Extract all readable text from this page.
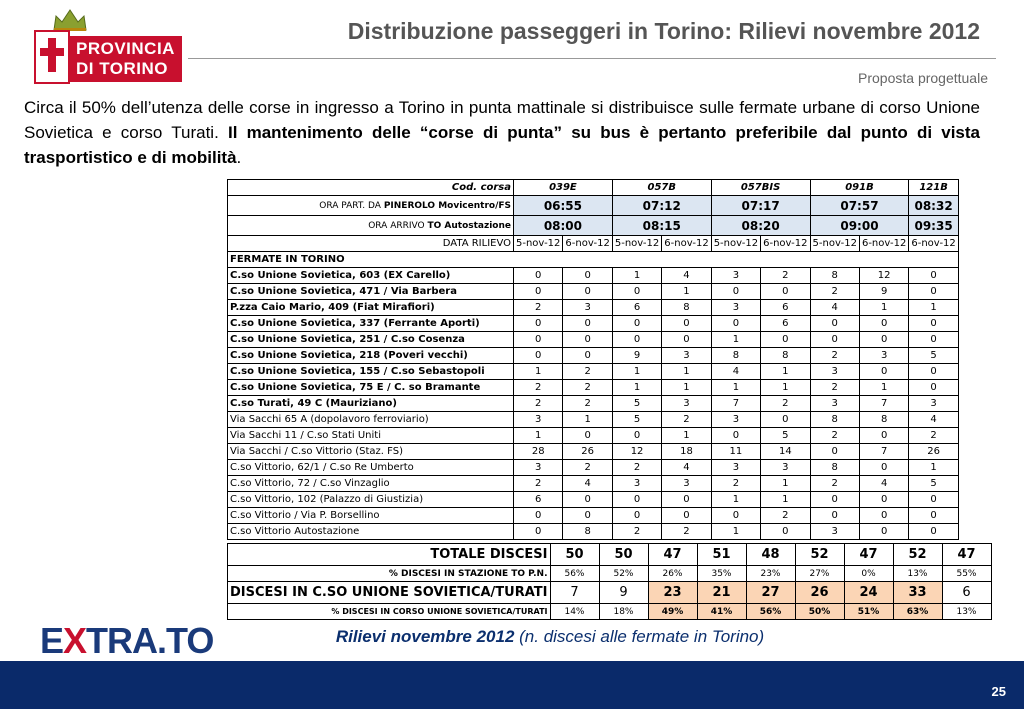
PROVINCIA DI TORINO
Distribuzione passeggeri in Torino: Rilievi novembre 2012
Proposta progettuale
Circa il 50% dell’utenza delle corse in ingresso a Torino in punta mattinale si distribuisce sulle fermate urbane di corso Unione Sovietica e corso Turati. Il mantenimento delle “corse di punta” su bus è pertanto preferibile dal punto di vista trasportistico e di mobilità.
Cod. corsa	039E		057B		057BIS		091B		121B
ORA PART. DA PINEROLO Movicentro/FS	06:55		07:12		07:17		07:57		08:32
ORA ARRIVO TO Autostazione	08:00		08:15		08:20		09:00		09:35
DATA RILIEVO	5-nov-12	6-nov-12	5-nov-12	6-nov-12	5-nov-12	6-nov-12	5-nov-12	6-nov-12	6-nov-12
FERMATE IN TORINO									
C.so Unione Sovietica, 603 (EX Carello)	0	0	1	4	3	2	8	12	0
C.so Unione Sovietica, 471 / Via Barbera	0	0	0	1	0	0	2	9	0
P.zza Caio Mario, 409 (Fiat Mirafiori)	2	3	6	8	3	6	4	1	1
C.so Unione Sovietica, 337 (Ferrante Aporti)	0	0	0	0	0	6	0	0	0
C.so Unione Sovietica, 251 / C.so Cosenza	0	0	0	0	1	0	0	0	0
C.so Unione Sovietica, 218 (Poveri vecchi)	0	0	9	3	8	8	2	3	5
C.so Unione Sovietica, 155 / C.so Sebastopoli	1	2	1	1	4	1	3	0	0
C.so Unione Sovietica, 75 E / C. so Bramante	2	2	1	1	1	1	2	1	0
C.so Turati, 49 C (Mauriziano)	2	2	5	3	7	2	3	7	3
Via Sacchi 65 A (dopolavoro ferroviario)	3	1	5	2	3	0	8	8	4
Via Sacchi 11 / C.so Stati Uniti	1	0	0	1	0	5	2	0	2
Via Sacchi / C.so Vittorio (Staz. FS)	28	26	12	18	11	14	0	7	26
C.so Vittorio, 62/1 / C.so Re Umberto	3	2	2	4	3	3	8	0	1
C.so Vittorio, 72 / C.so Vinzaglio	2	4	3	3	2	1	2	4	5
C.so Vittorio, 102 (Palazzo di Giustizia)	6	0	0	0	1	1	0	0	0
C.so Vittorio / Via P. Borsellino	0	0	0	0	0	2	0	0	0
C.so Vittorio Autostazione	0	8	2	2	1	0	3	0	0
TOTALE DISCESI	50	50	47	51	48	52	47	52	47
% DISCESI IN STAZIONE TO P.N.	56%	52%	26%	35%	23%	27%	0%	13%	55%
DISCESI IN C.SO UNIONE SOVIETICA/TURATI	7	9	23	21	27	26	24	33	6
% DISCESI IN CORSO UNIONE SOVIETICA/TURATI	14%	18%	49%	41%	56%	50%	51%	63%	13%
EXTRA.TO	Rilievi novembre 2012 (n. discesi alle fermate in Torino)
25
